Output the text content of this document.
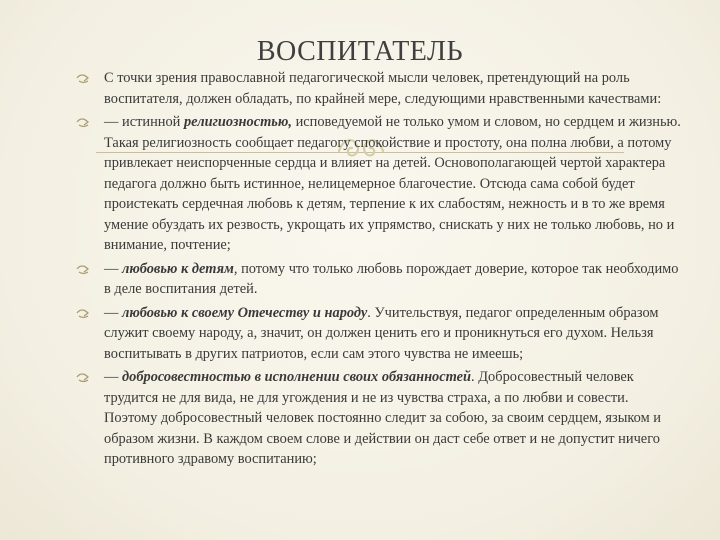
ВОСПИТАТЕЛЬ
С точки зрения православной педагогической мысли человек, претендующий на роль воспитателя, должен обладать, по крайней мере, следующими нравственными качествами:
— истинной религиозностью, исповедуемой не только умом и словом, но сердцем и жизнью. Такая религиозность сообщает педагогу спокойствие и простоту, она полна любви, а потому привлекает неиспорченные сердца и влияет на детей. Основополагающей чертой характера педагога должно быть истинное, нелицемерное благочестие. Отсюда сама собой будет проистекать сердечная любовь к детям, терпение к их слабостям, нежность и в то же время умение обуздать их резвость, укрощать их упрямство, снискать у них не только любовь, но и внимание, почтение;
— любовью к детям, потому что только любовь порождает доверие, которое так необходимо в деле воспитания детей.
— любовью к своему Отечеству и народу. Учительствуя, педагог определенным образом служит своему народу, а, значит, он должен ценить его и проникнуться его духом. Нельзя воспитывать в других патриотов, если сам этого чувства не имеешь;
— добросовестностью в исполнении своих обязанностей. Добросовестный человек трудится не для вида, не для угождения и не из чувства страха, а по любви и совести. Поэтому добросовестный человек постоянно следит за собою, за своим сердцем, языком и образом жизни. В каждом своем слове и действии он даст себе ответ и не допустит ничего противного здравому воспитанию;
